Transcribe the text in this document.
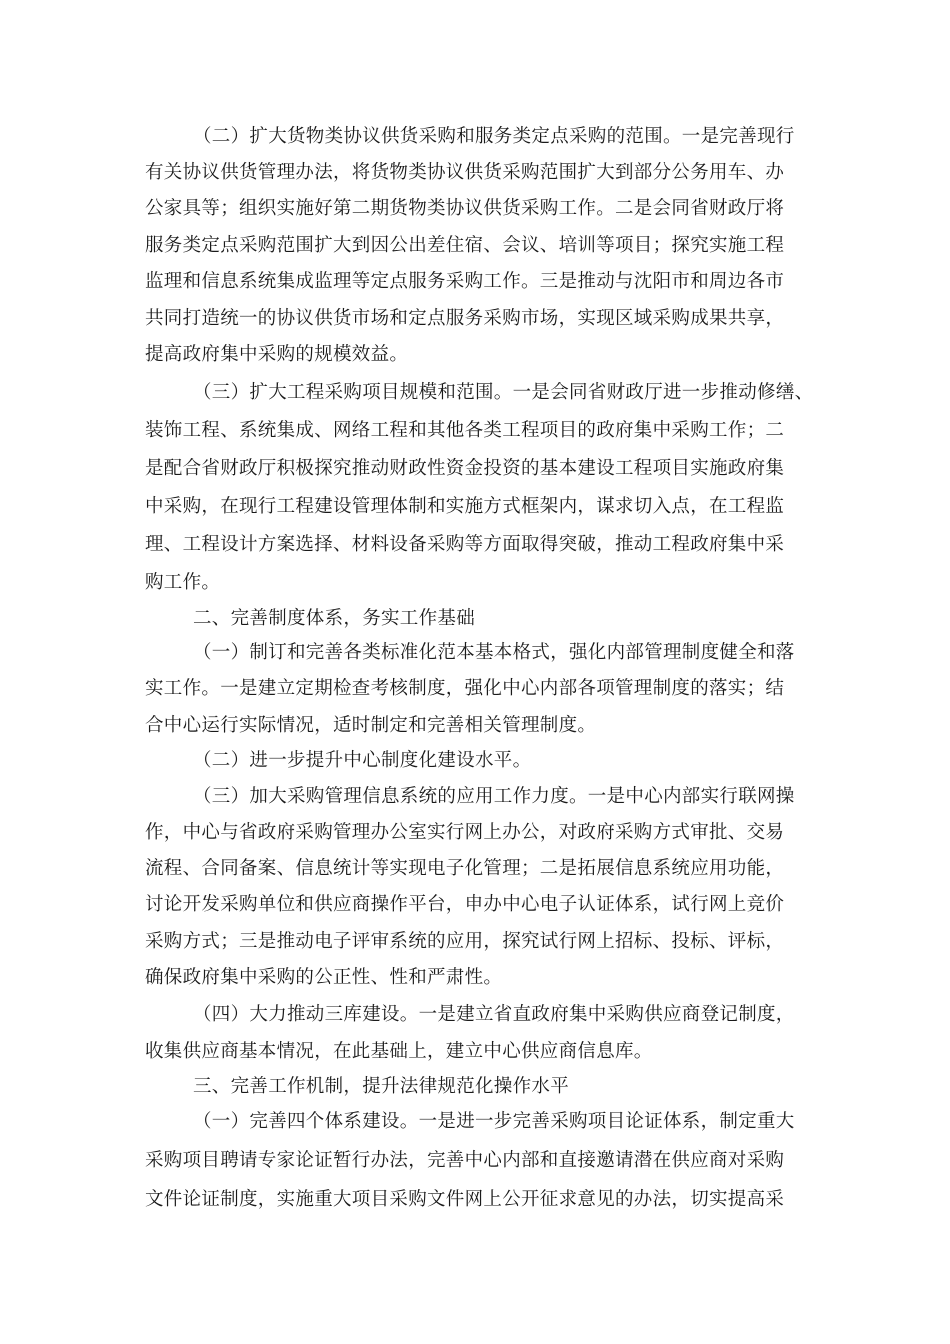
（二）扩大货物类协议供货采购和服务类定点采购的范围。一是完善现行
有关协议供货管理办法，将货物类协议供货采购范围扩大到部分公务用车、办
公家具等；组织实施好第二期货物类协议供货采购工作。二是会同省财政厅将
服务类定点采购范围扩大到因公出差住宿、会议、培训等项目；探究实施工程
监理和信息系统集成监理等定点服务采购工作。三是推动与沈阳市和周边各市
共同打造统一的协议供货市场和定点服务采购市场，实现区域采购成果共享，
提高政府集中采购的规模效益。
（三）扩大工程采购项目规模和范围。一是会同省财政厅进一步推动修缮、
装饰工程、系统集成、网络工程和其他各类工程项目的政府集中采购工作；二
是配合省财政厅积极探究推动财政性资金投资的基本建设工程项目实施政府集
中采购，在现行工程建设管理体制和实施方式框架内，谋求切入点，在工程监
理、工程设计方案选择、材料设备采购等方面取得突破，推动工程政府集中采
购工作。
二、完善制度体系，务实工作基础
（一）制订和完善各类标准化范本基本格式，强化内部管理制度健全和落
实工作。一是建立定期检查考核制度，强化中心内部各项管理制度的落实；结
合中心运行实际情况，适时制定和完善相关管理制度。
（二）进一步提升中心制度化建设水平。
（三）加大采购管理信息系统的应用工作力度。一是中心内部实行联网操
作，中心与省政府采购管理办公室实行网上办公，对政府采购方式审批、交易
流程、合同备案、信息统计等实现电子化管理；二是拓展信息系统应用功能，
讨论开发采购单位和供应商操作平台，申办中心电子认证体系，试行网上竞价
采购方式；三是推动电子评审系统的应用，探究试行网上招标、投标、评标，
确保政府集中采购的公正性、性和严肃性。
（四）大力推动三库建设。一是建立省直政府集中采购供应商登记制度，
收集供应商基本情况，在此基础上，建立中心供应商信息库。
三、完善工作机制，提升法律规范化操作水平
（一）完善四个体系建设。一是进一步完善采购项目论证体系，制定重大
采购项目聘请专家论证暂行办法，完善中心内部和直接邀请潜在供应商对采购
文件论证制度，实施重大项目采购文件网上公开征求意见的办法，切实提高采
